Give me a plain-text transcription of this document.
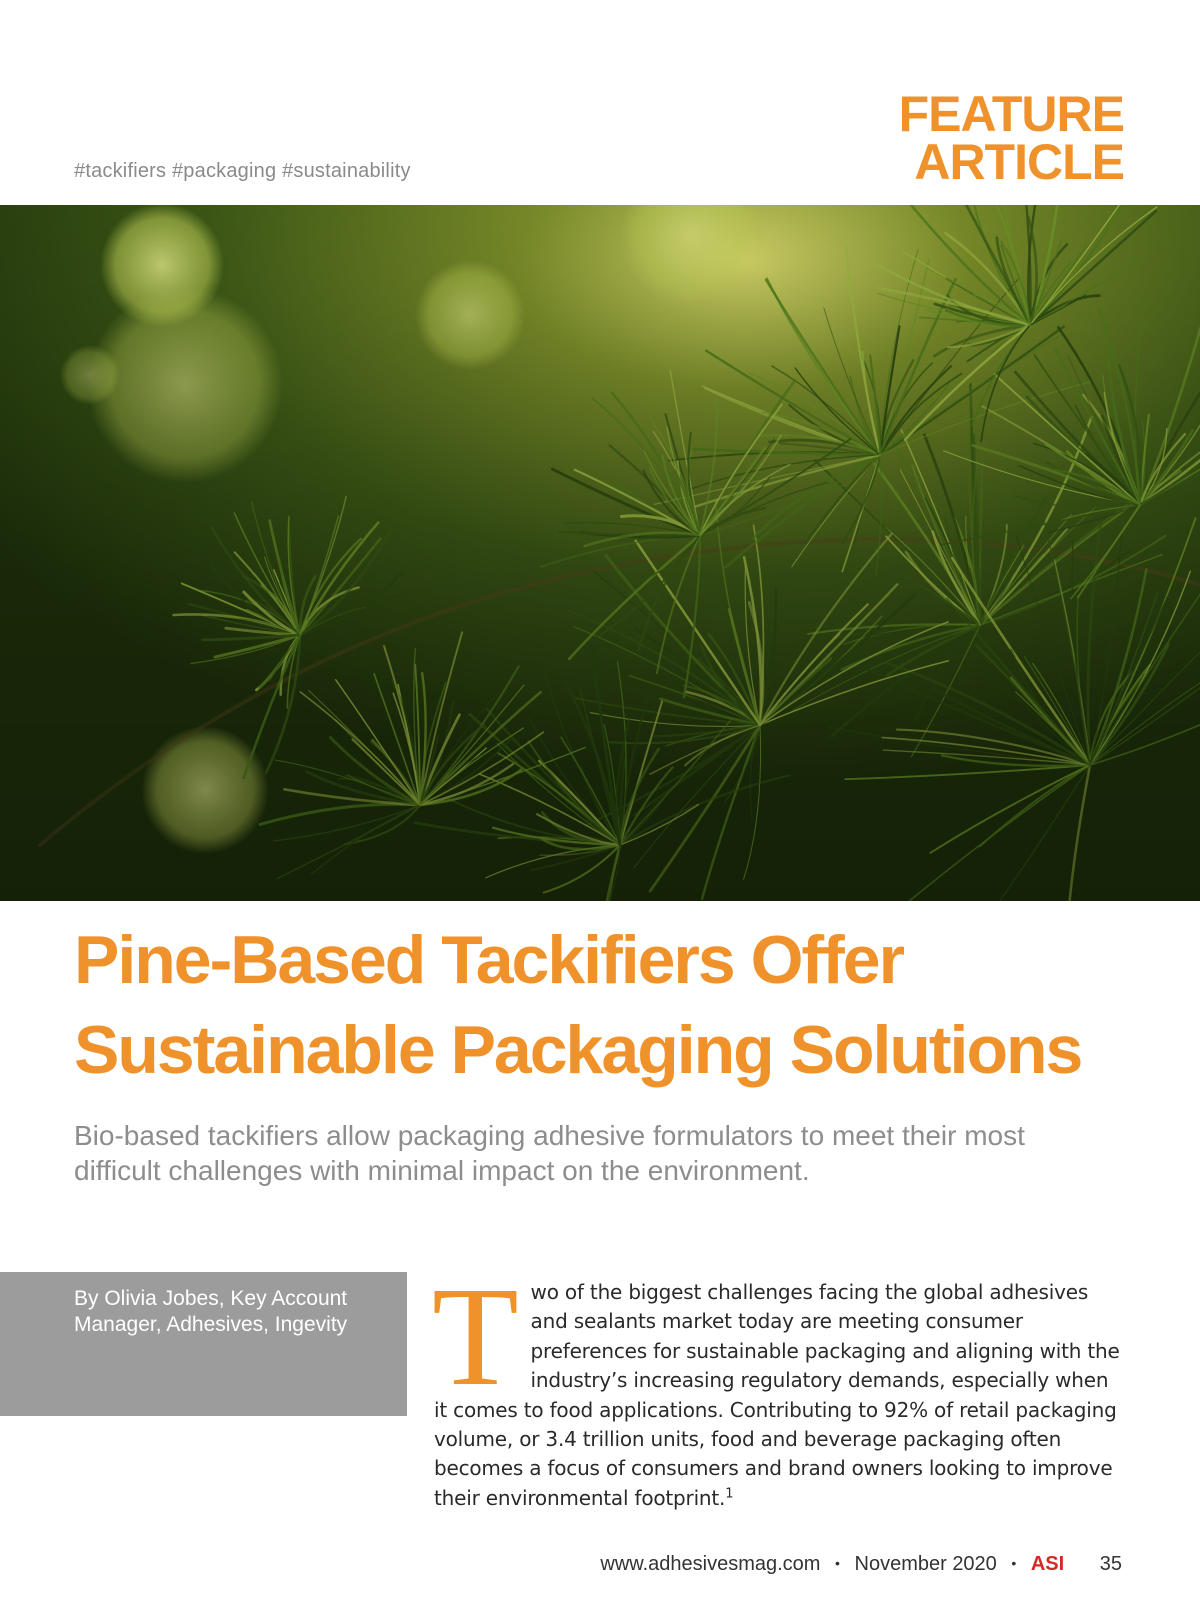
#tackifiers #packaging #sustainability
FEATURE
ARTICLE
Pine-Based Tackifiers Offer
Sustainable Packaging Solutions
Bio-based tackifiers allow packaging adhesive formulators to meet their most difficult challenges with minimal impact on the environment.
By Olivia Jobes, Key Account Manager, Adhesives, Ingevity Two of the biggest challenges facing the global adhesives and sealants market today are meeting consumer preferences for sustainable packaging and aligning with the industry’s increasing regulatory demands, especially when it comes to food applications. Contributing to 92% of retail packaging volume, or 3.4 trillion units, food and beverage packaging often becomes a focus of consumers and brand owners looking to improve their environmental footprint.$^1$
www.adhesivesmag.com • November 2020 • ASI 35
